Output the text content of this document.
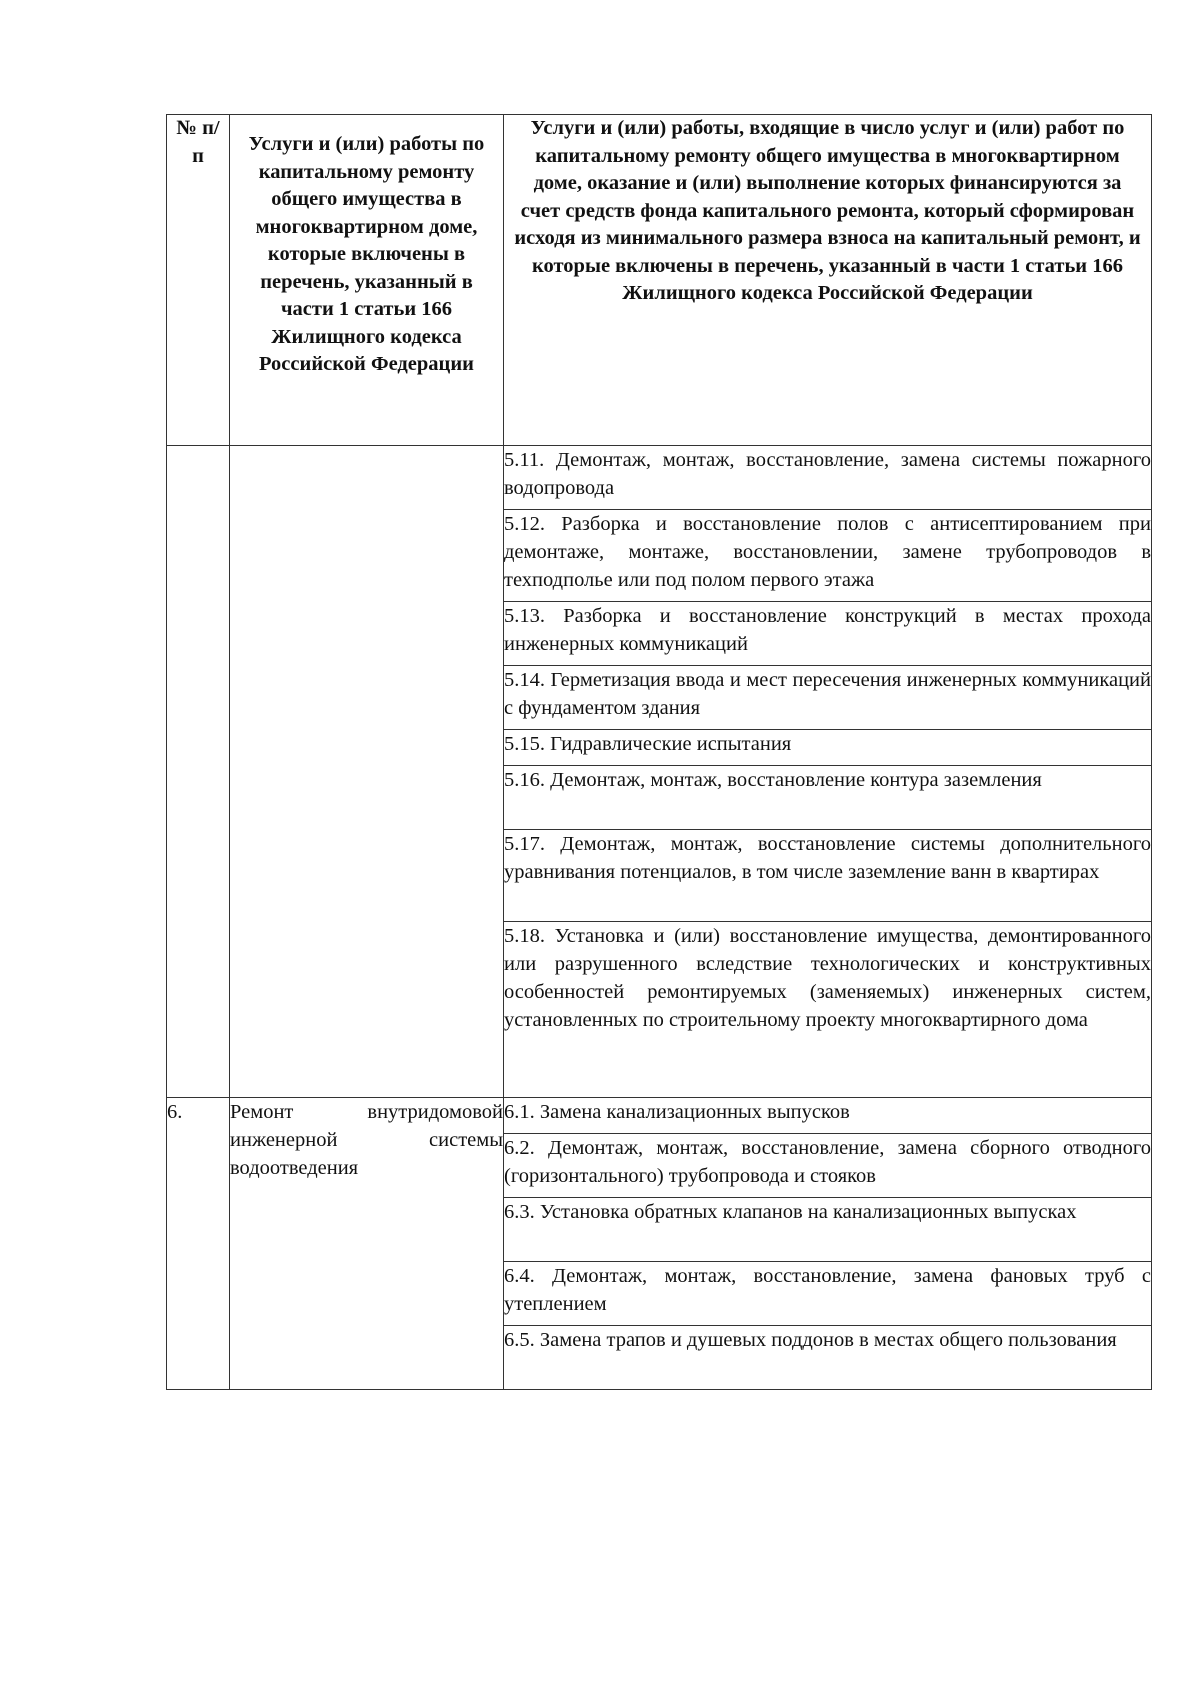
№ п/п	Услуги и (или) работы по капитальному ремонту общего имущества в многоквартирном доме, которые включены в перечень, указанный в части 1 статьи 166 Жилищного кодекса Российской Федерации	Услуги и (или) работы, входящие в число услуг и (или) работ по капитальному ремонту общего имущества в многоквартирном доме, оказание и (или) выполнение которых финансируются за счет средств фонда капитального ремонта, который сформирован исходя из минимального размера взноса на капитальный ремонт, и которые включены в перечень, указанный в части 1 статьи 166 Жилищного кодекса Российской Федерации

		5.11. Демонтаж, монтаж, восстановление, замена системы пожарного водопровода
		5.12. Разборка и восстановление полов с антисептированием при демонтаже, монтаже, восстановлении, замене трубопроводов в техподполье или под полом первого этажа
		5.13. Разборка и восстановление конструкций в местах прохода инженерных коммуникаций
		5.14. Герметизация ввода и мест пересечения инженерных коммуникаций с фундаментом здания
		5.15. Гидравлические испытания
		5.16. Демонтаж, монтаж, восстановление контура заземления
		5.17. Демонтаж, монтаж, восстановление системы дополнительного уравнивания потенциалов, в том числе заземление ванн в квартирах
		5.18. Установка и (или) восстановление имущества, демонтированного или разрушенного вследствие технологических и конструктивных особенностей ремонтируемых (заменяемых) инженерных систем, установленных по строительному проекту многоквартирного дома
6.	Ремонт внутридомовой инженерной системы водоотведения	6.1. Замена канализационных выпусков
		6.2. Демонтаж, монтаж, восстановление, замена сборного отводного (горизонтального) трубопровода и стояков
		6.3. Установка обратных клапанов на канализационных выпусках
		6.4. Демонтаж, монтаж, восстановление, замена фановых труб с утеплением
		6.5. Замена трапов и душевых поддонов в местах общего пользования
